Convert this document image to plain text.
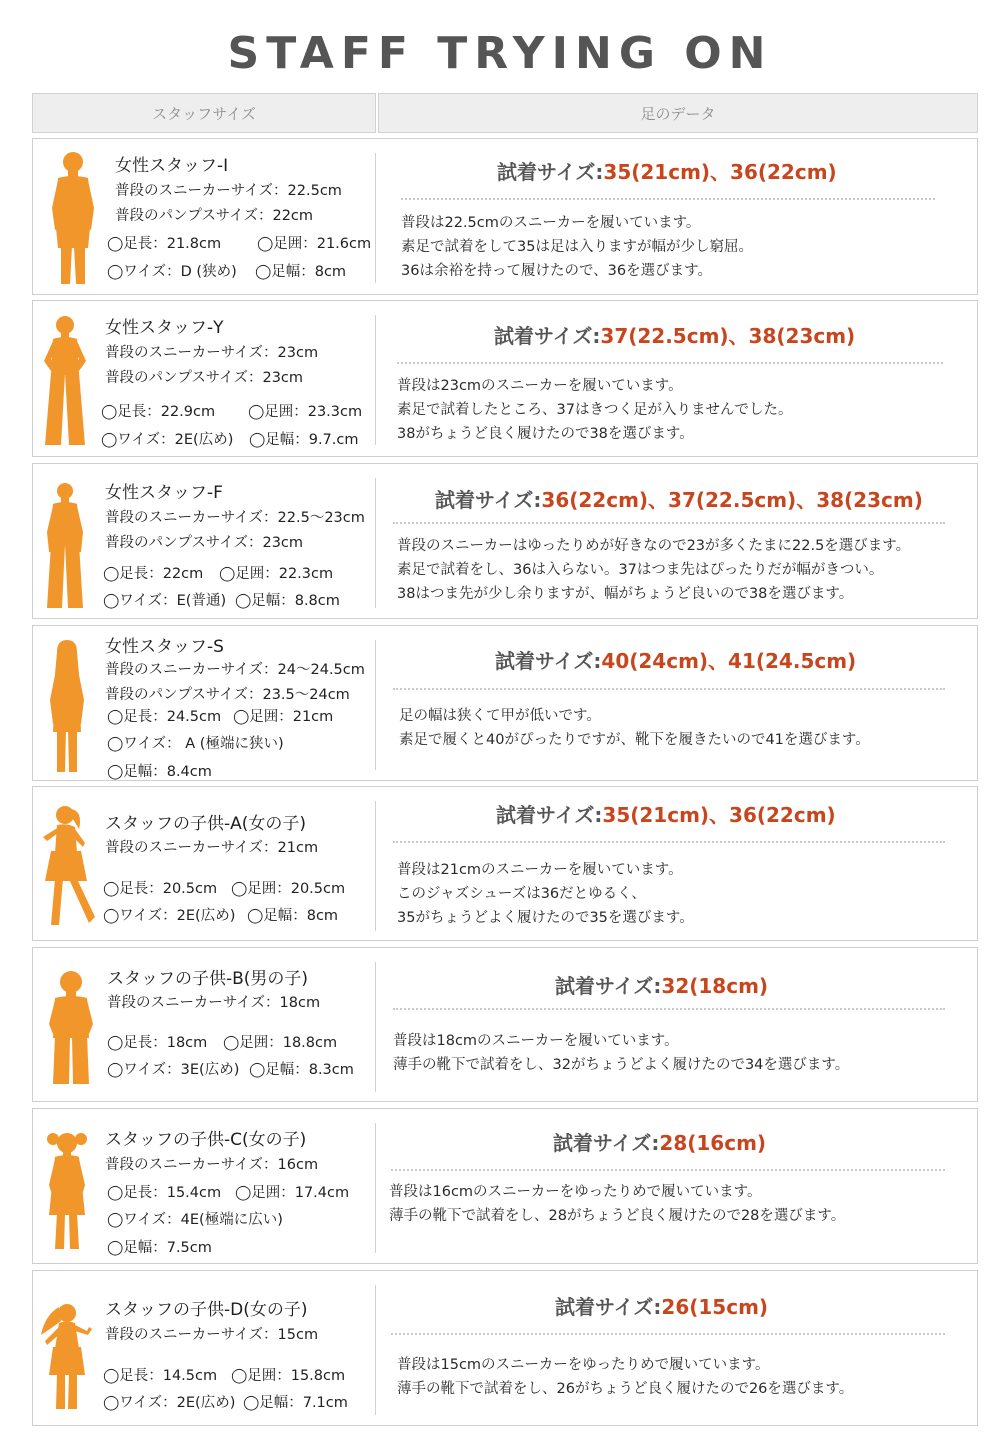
STAFF TRYING ON
スタッフサイズ	足のデータ
女性スタッフ-I
普段のスニーカーサイズ：22.5cm
普段のパンプスサイズ：22cm
◯足長：21.8cm ◯足囲：21.6cm
◯ワイズ：D (狭め) ◯足幅：8cm
試着サイズ:35(21cm)、36(22cm)
普段は22.5cmのスニーカーを履いています。
素足で試着をして35は足は入りますが幅が少し窮屈。
36は余裕を持って履けたので、36を選びます。
女性スタッフ-Y
普段のスニーカーサイズ：23cm
普段のパンプスサイズ：23cm
◯足長：22.9cm ◯足囲：23.3cm
◯ワイズ：2E(広め) ◯足幅：9.7.cm
試着サイズ:37(22.5cm)、38(23cm)
普段は23cmのスニーカーを履いています。
素足で試着したところ、37はきつく足が入りませんでした。
38がちょうど良く履けたので38を選びます。
女性スタッフ-F
普段のスニーカーサイズ：22.5〜23cm
普段のパンプスサイズ：23cm
◯足長：22cm ◯足囲：22.3cm
◯ワイズ：E(普通) ◯足幅：8.8cm
試着サイズ:36(22cm)、37(22.5cm)、38(23cm)
普段のスニーカーはゆったりめが好きなので23が多くたまに22.5を選びます。
素足で試着をし、36は入らない。37はつま先はぴったりだが幅がきつい。
38はつま先が少し余りますが、幅がちょうど良いので38を選びます。
女性スタッフ-S
普段のスニーカーサイズ：24〜24.5cm
普段のパンプスサイズ：23.5〜24cm
◯足長：24.5cm ◯足囲：21cm
◯ワイズ： A (極端に狭い)
◯足幅：8.4cm
試着サイズ:40(24cm)、41(24.5cm)
足の幅は狭くて甲が低いです。
素足で履くと40がぴったりですが、靴下を履きたいので41を選びます。
スタッフの子供-A(女の子)
普段のスニーカーサイズ：21cm
◯足長：20.5cm ◯足囲：20.5cm
◯ワイズ：2E(広め) ◯足幅：8cm
試着サイズ:35(21cm)、36(22cm)
普段は21cmのスニーカーを履いています。
このジャズシューズは36だとゆるく、
35がちょうどよく履けたので35を選びます。
スタッフの子供-B(男の子)
普段のスニーカーサイズ：18cm
◯足長：18cm ◯足囲：18.8cm
◯ワイズ：3E(広め) ◯足幅：8.3cm
試着サイズ:32(18cm)
普段は18cmのスニーカーを履いています。
薄手の靴下で試着をし、32がちょうどよく履けたので34を選びます。
スタッフの子供-C(女の子)
普段のスニーカーサイズ：16cm
◯足長：15.4cm ◯足囲：17.4cm
◯ワイズ：4E(極端に広い)
◯足幅：7.5cm
試着サイズ:28(16cm)
普段は16cmのスニーカーをゆったりめで履いています。
薄手の靴下で試着をし、28がちょうど良く履けたので28を選びます。
スタッフの子供-D(女の子)
普段のスニーカーサイズ：15cm
◯足長：14.5cm ◯足囲：15.8cm
◯ワイズ：2E(広め) ◯足幅：7.1cm
試着サイズ:26(15cm)
普段は15cmのスニーカーをゆったりめで履いています。
薄手の靴下で試着をし、26がちょうど良く履けたので26を選びます。
